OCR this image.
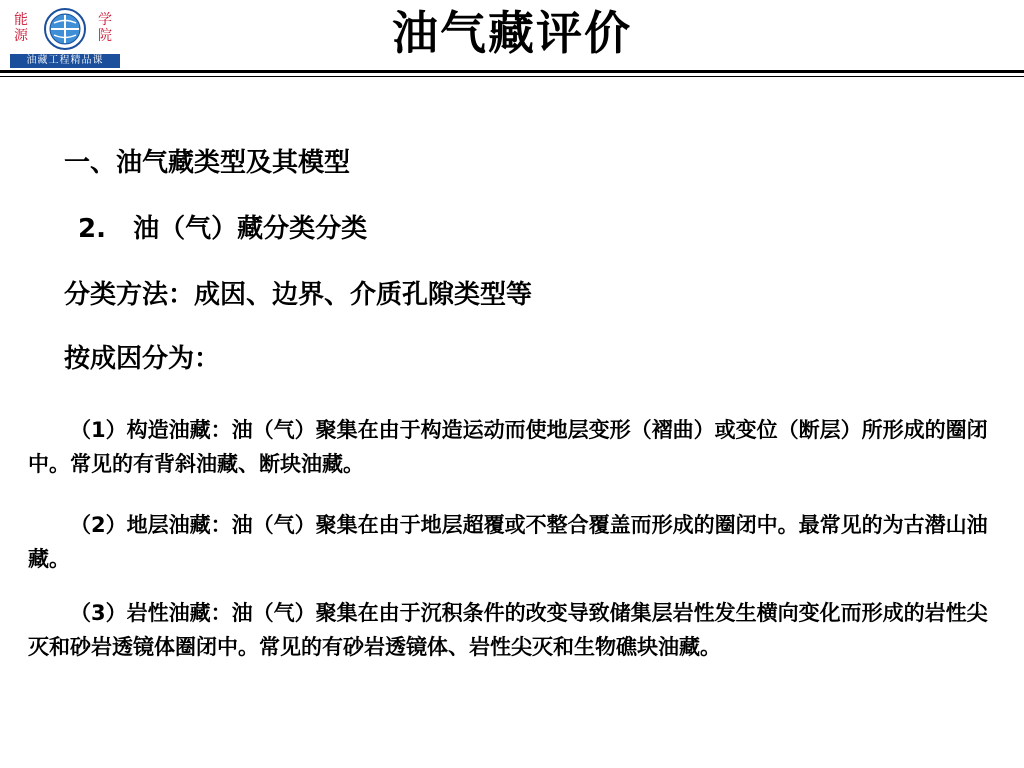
能
源
学
院
油藏工程精品课
油气藏评价
一、油气藏类型及其模型
2.   油（气）藏分类分类
分类方法：成因、边界、介质孔隙类型等
按成因分为：
（1）构造油藏：油（气）聚集在由于构造运动而使地层变形（褶曲）或变位（断层）所形成的圈闭中。常见的有背斜油藏、断块油藏。
（2）地层油藏：油（气）聚集在由于地层超覆或不整合覆盖而形成的圈闭中。最常见的为古潜山油藏。
（3）岩性油藏：油（气）聚集在由于沉积条件的改变导致储集层岩性发生横向变化而形成的岩性尖灭和砂岩透镜体圈闭中。常见的有砂岩透镜体、岩性尖灭和生物礁块油藏。
